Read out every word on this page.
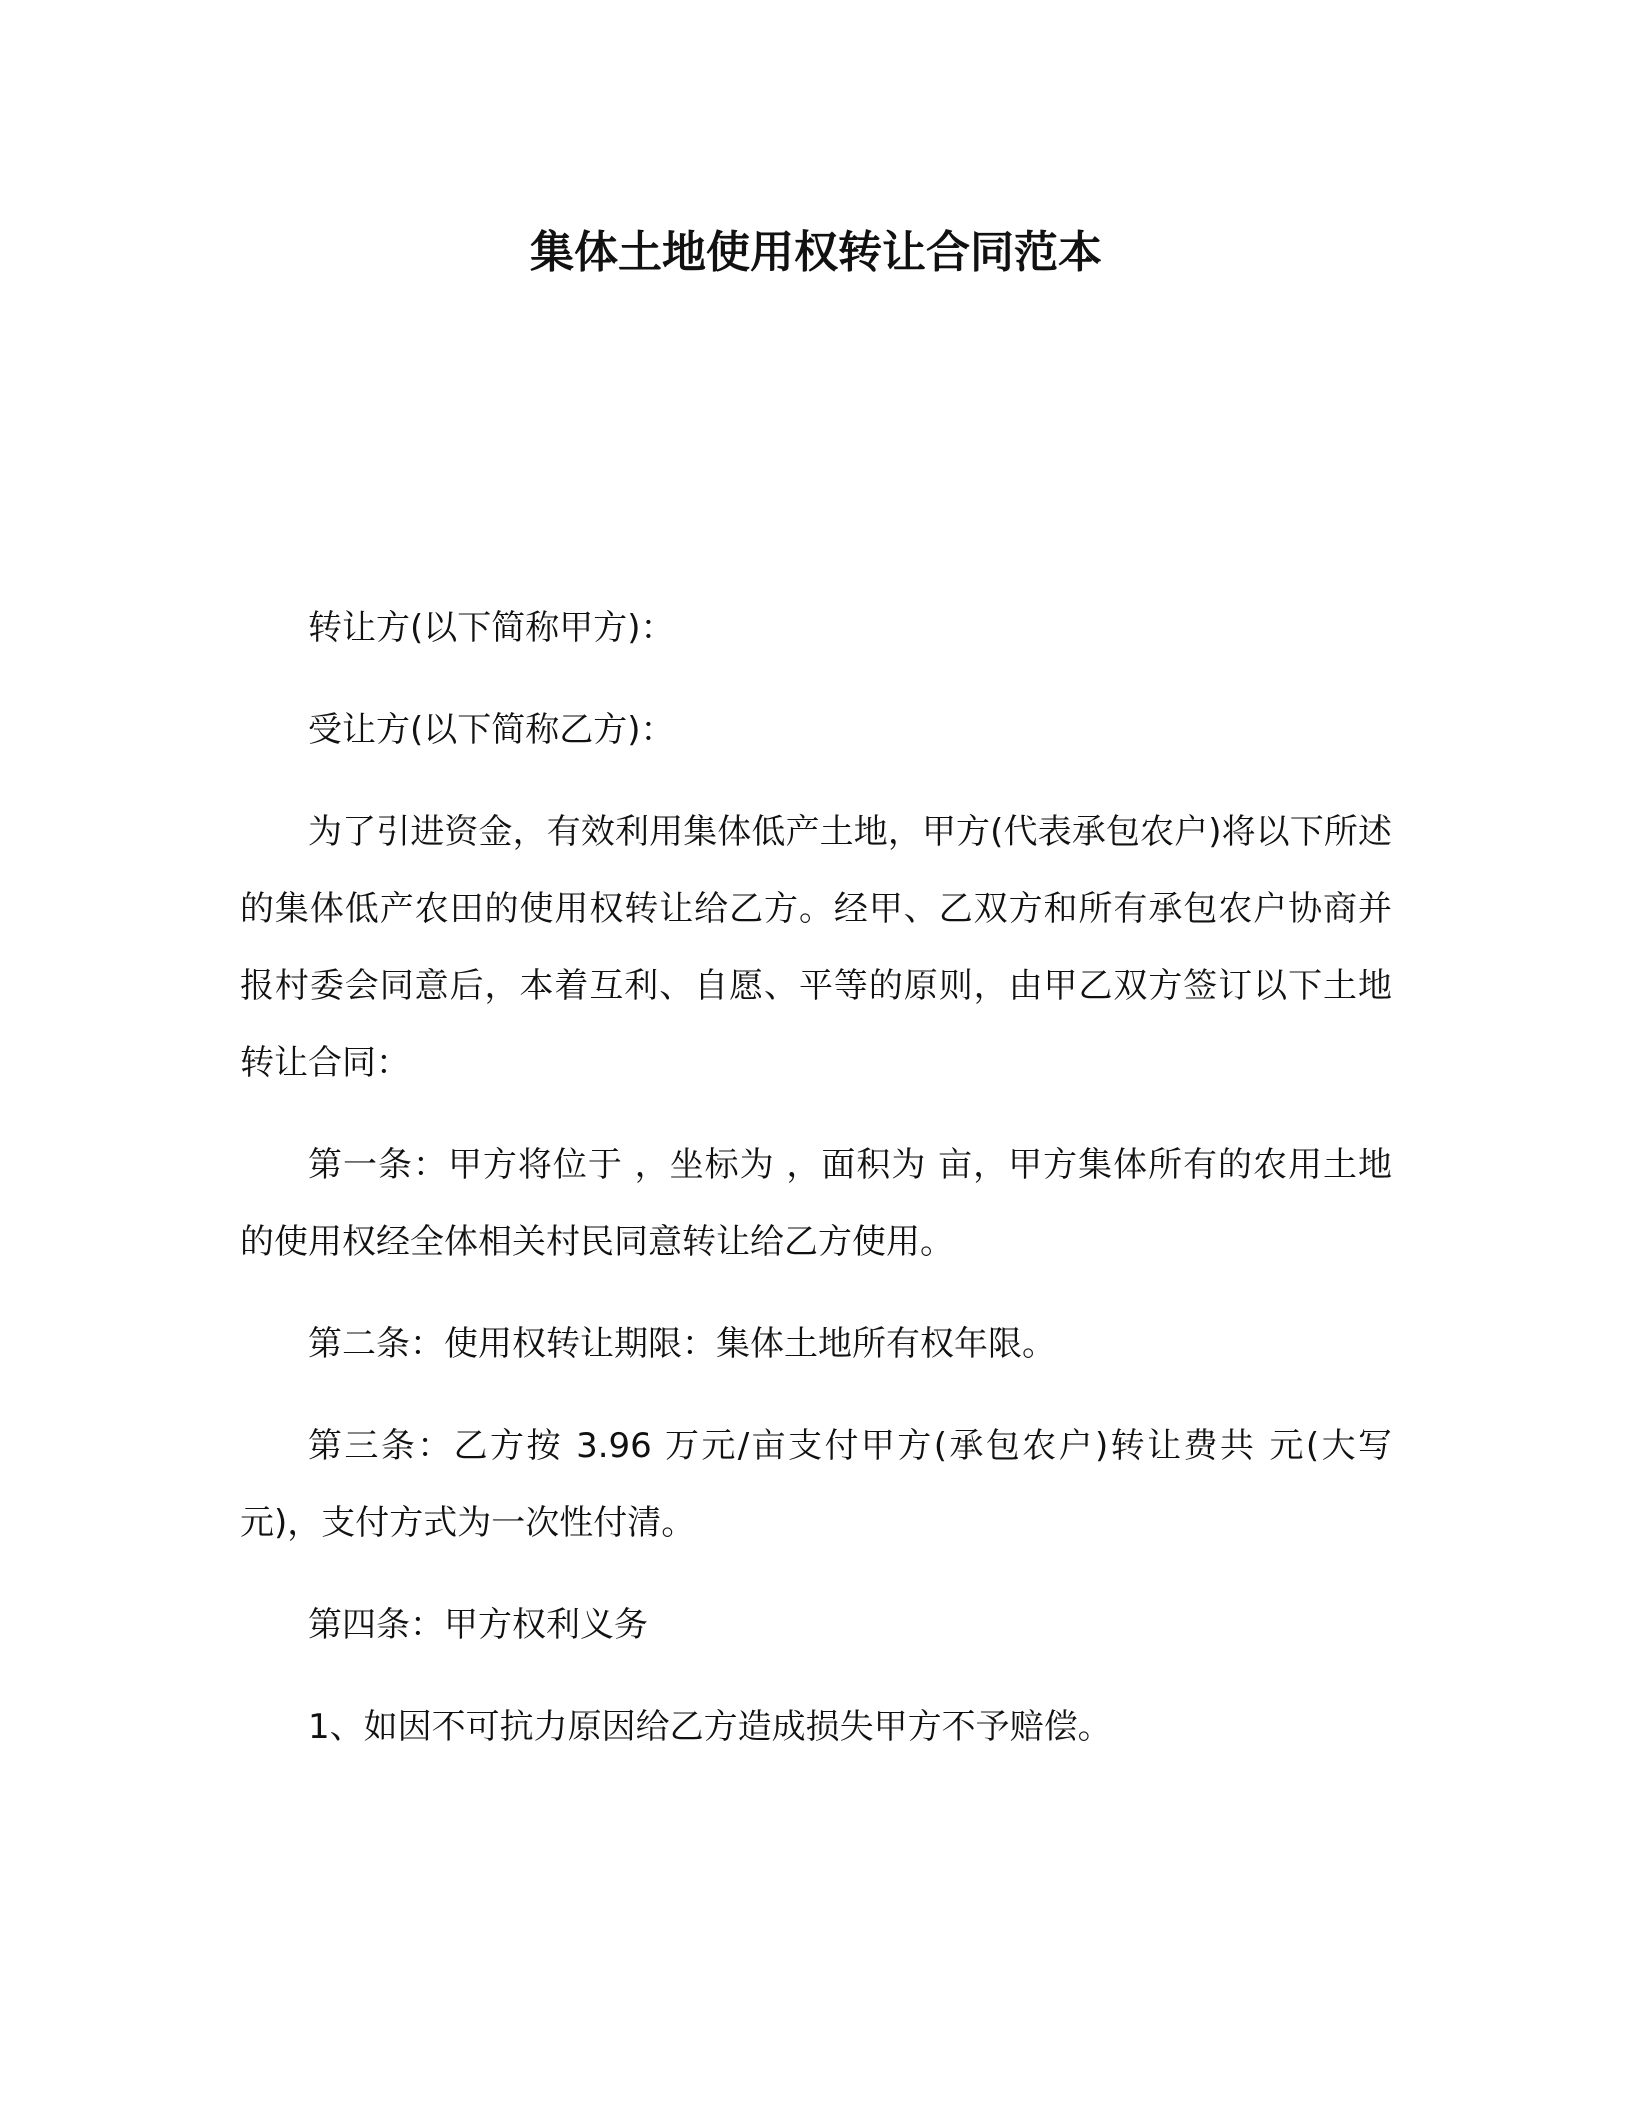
集体土地使用权转让合同范本

转让方(以下简称甲方)：

受让方(以下简称乙方)：

为了引进资金，有效利用集体低产土地，甲方(代表承包农户)将以下所述的集体低产农田的使用权转让给乙方。经甲、乙双方和所有承包农户协商并报村委会同意后，本着互利、自愿、平等的原则，由甲乙双方签订以下土地转让合同：

第一条：甲方将位于 ，坐标为 ，面积为 亩，甲方集体所有的农用土地的使用权经全体相关村民同意转让给乙方使用。

第二条：使用权转让期限：集体土地所有权年限。

第三条：乙方按 3.96 万元/亩支付甲方(承包农户)转让费共 元(大写 元)，支付方式为一次性付清。

第四条：甲方权利义务

1、如因不可抗力原因给乙方造成损失甲方不予赔偿。
